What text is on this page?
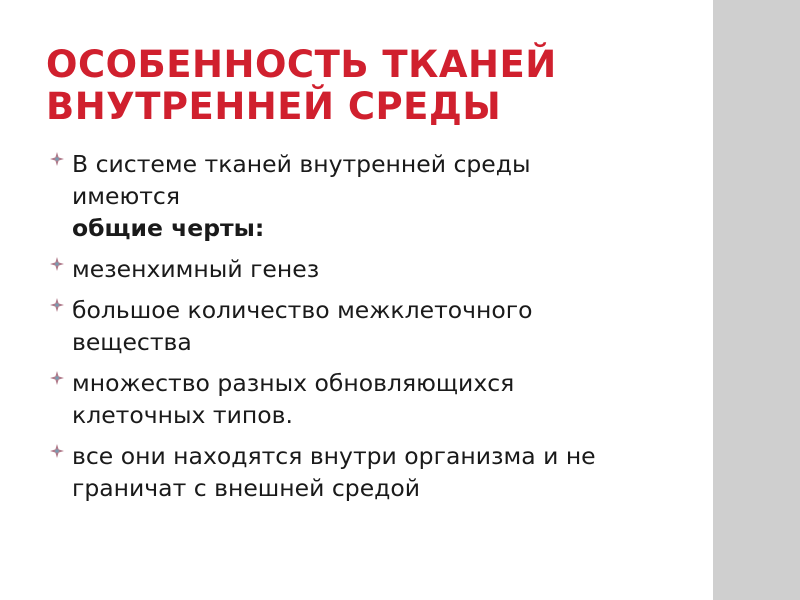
ОСОБЕННОСТЬ ТКАНЕЙ
ВНУТРЕННЕЙ СРЕДЫ
В системе тканей внутренней среды
имеются
общие черты:
мезенхимный генез
большое количество межклеточного
вещества
множество разных обновляющихся
клеточных типов.
все они находятся внутри организма и не
граничат с внешней средой
